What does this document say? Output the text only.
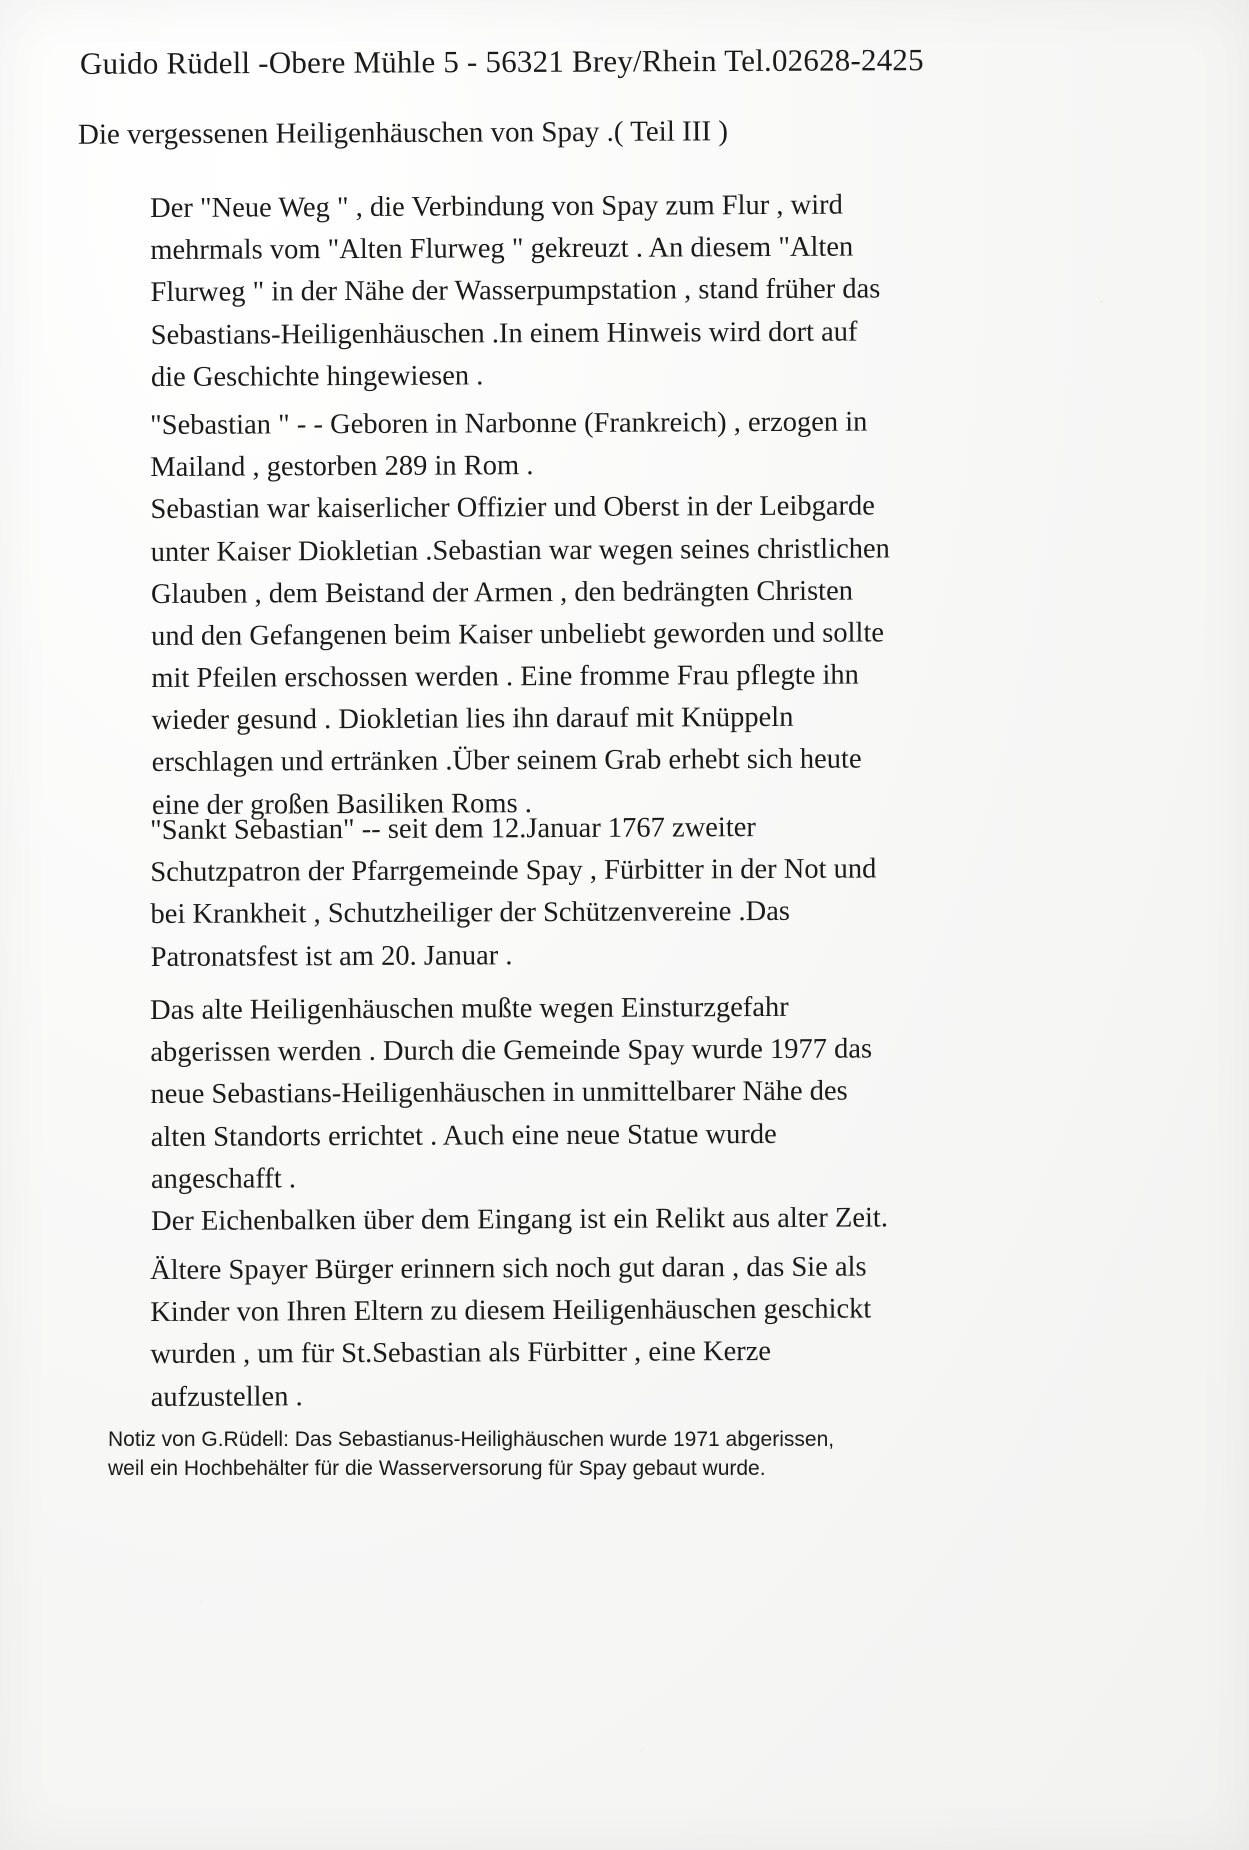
Guido Rüdell -Obere Mühle 5 - 56321 Brey/Rhein Tel.02628-2425
Die vergessenen Heiligenhäuschen von Spay .( Teil III )

Der "Neue Weg " , die Verbindung von Spay zum Flur , wird
mehrmals vom "Alten Flurweg " gekreuzt . An diesem "Alten
Flurweg " in der Nähe der Wasserpumpstation , stand früher das
Sebastians-Heiligenhäuschen .In einem Hinweis wird dort auf
die Geschichte hingewiesen .

"Sebastian " - - Geboren in Narbonne (Frankreich) , erzogen in
Mailand , gestorben 289 in Rom .
Sebastian war kaiserlicher Offizier und Oberst in der Leibgarde
unter Kaiser Diokletian .Sebastian war wegen seines christlichen
Glauben , dem Beistand der Armen , den bedrängten Christen
und den Gefangenen beim Kaiser unbeliebt geworden und sollte
mit Pfeilen erschossen werden . Eine fromme Frau pflegte ihn
wieder gesund . Diokletian lies ihn darauf mit Knüppeln
erschlagen und ertränken .Über seinem Grab erhebt sich heute
eine der großen Basiliken Roms .

"Sankt Sebastian" -- seit dem 12.Januar 1767 zweiter
Schutzpatron der Pfarrgemeinde Spay , Fürbitter in der Not und
bei Krankheit , Schutzheiliger der Schützenvereine .Das
Patronatsfest ist am 20. Januar .

Das alte Heiligenhäuschen mußte wegen Einsturzgefahr
abgerissen werden . Durch die Gemeinde Spay wurde 1977 das
neue Sebastians-Heiligenhäuschen in unmittelbarer Nähe des
alten Standorts errichtet . Auch eine neue Statue wurde
angeschafft .
Der Eichenbalken über dem Eingang ist ein Relikt aus alter Zeit.

Ältere Spayer Bürger erinnern sich noch gut daran , das Sie als
Kinder von Ihren Eltern zu diesem Heiligenhäuschen geschickt
wurden , um für St.Sebastian als Fürbitter , eine Kerze
aufzustellen .

Notiz von G.Rüdell: Das Sebastianus-Heilighäuschen wurde 1971 abgerissen,
weil ein Hochbehälter für die Wasserversorung für Spay gebaut wurde.
